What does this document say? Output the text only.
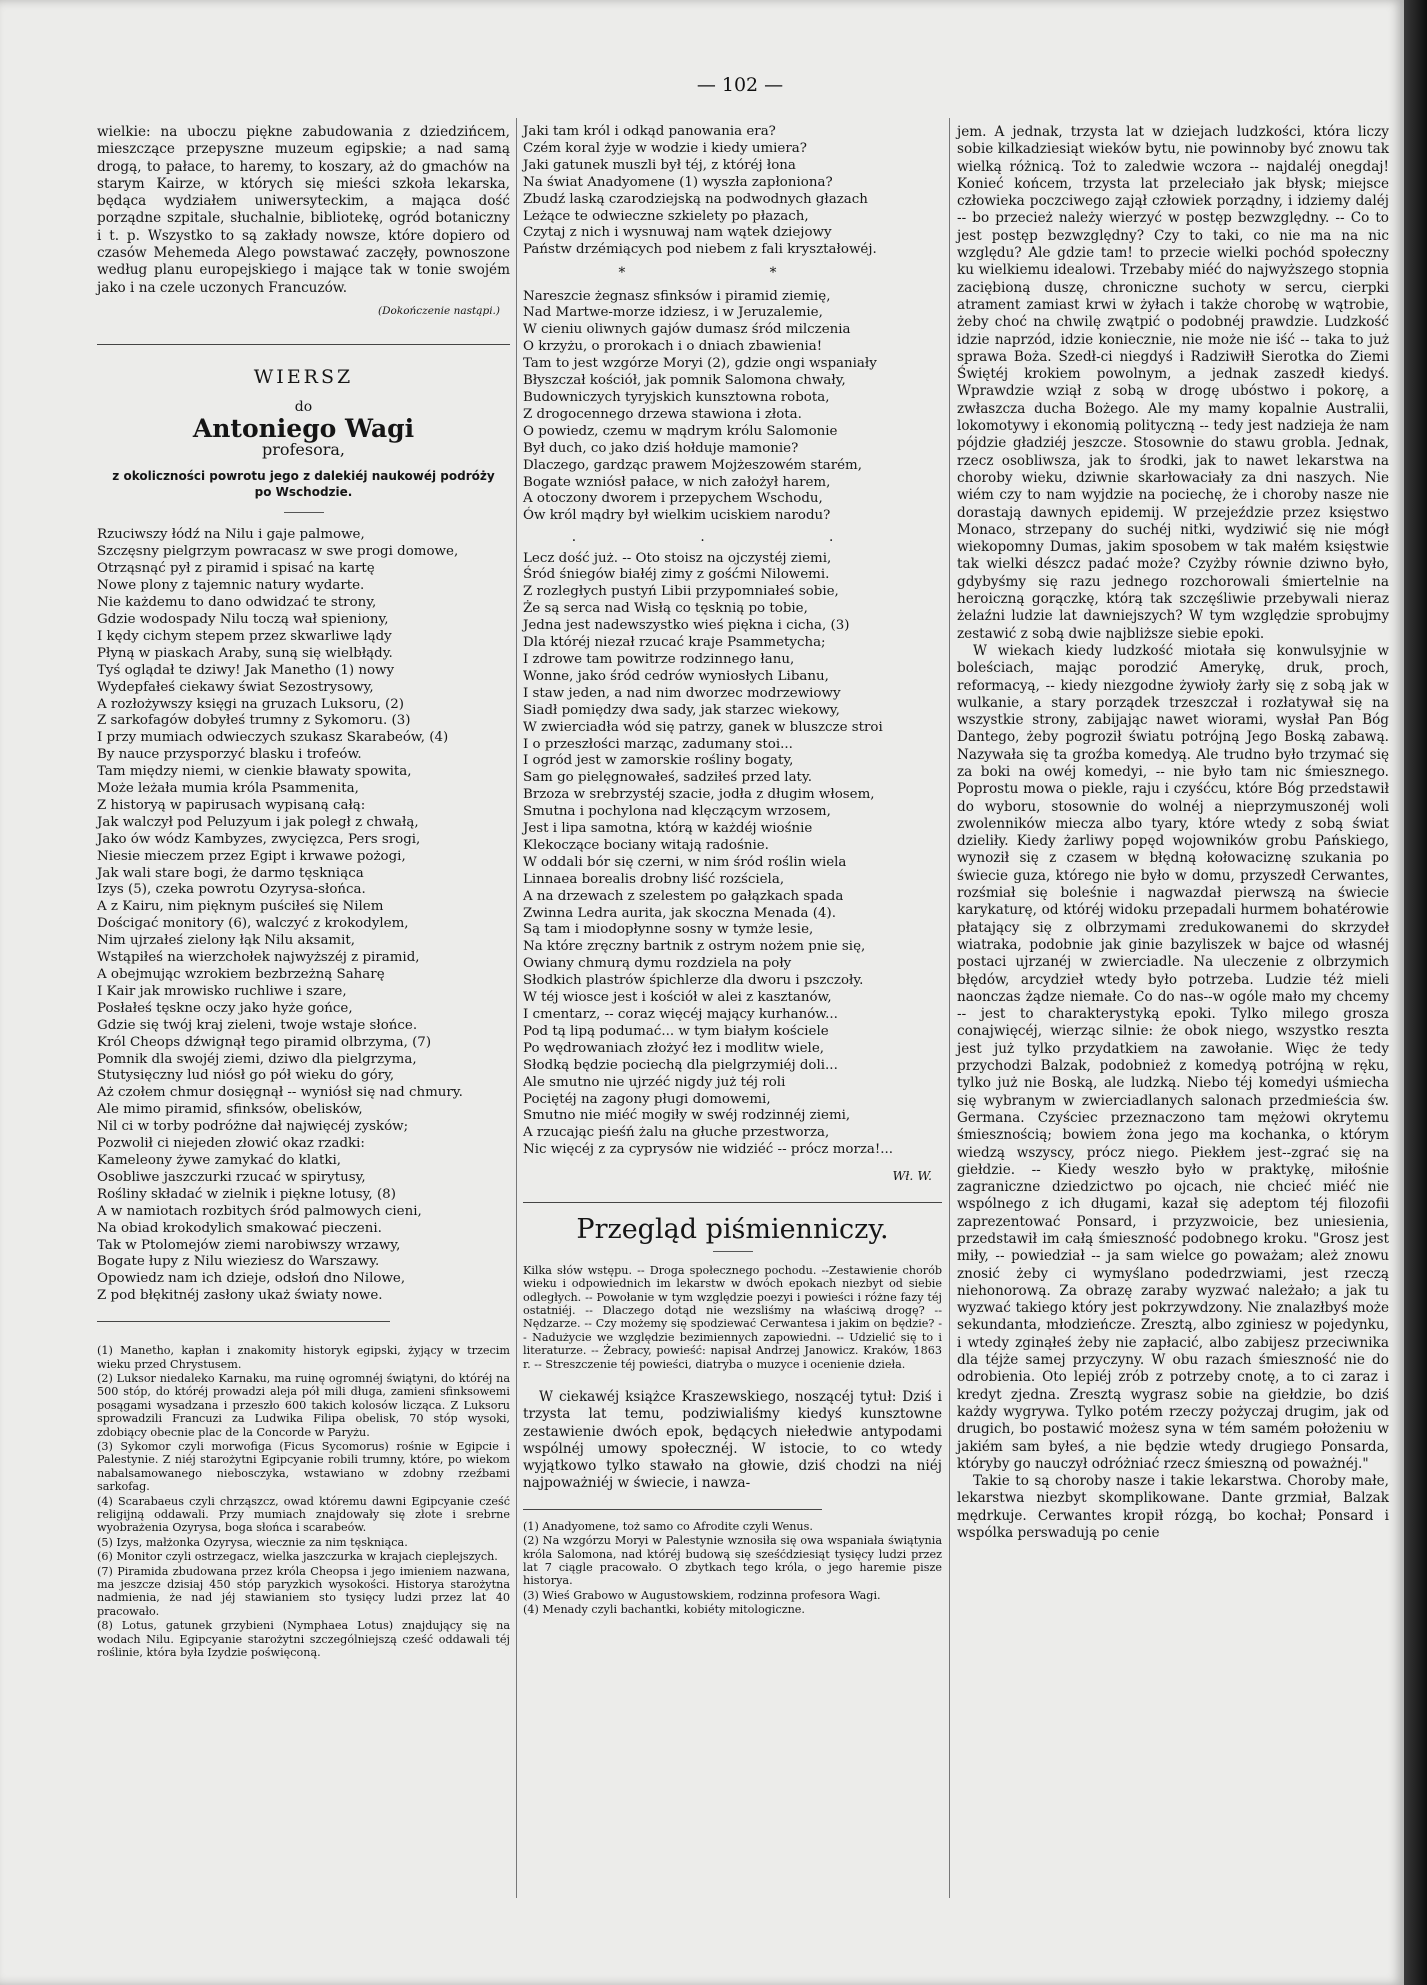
— 102 —

wielkie: na uboczu piękne zabudowania z dziedzińcem, mieszczące przepyszne muzeum egipskie; a nad samą drogą, to pałace, to haremy, to koszary, aż do gmachów na starym Kairze, w których się mieści szkoła lekarska, będąca wydziałem uniwersyteckim, a mająca dość porządne szpitale, słuchalnie, bibliotekę, ogród botaniczny i t. p. Wszystko to są zakłady nowsze, które dopiero od czasów Mehemeda Alego powstawać zaczęły, pownoszone według planu europejskiego i mające tak w tonie swojém jako i na czele uczonych Francuzów.

(Dokończenie nastąpi.)

WIERSZ
do
Antoniego Wagi
profesora,
z okoliczności powrotu jego z dalekiéj naukowéj podróży po Wschodzie.

Rzuciwszy łódź na Nilu i gaje palmowe,

Szczęsny pielgrzym powracasz w swe progi domowe,

Otrząsnąć pył z piramid i spisać na kartę

Nowe plony z tajemnic natury wydarte.

Nie każdemu to dano odwidzać te strony,

Gdzie wodospady Nilu toczą wał spieniony,

I kędy cichym stepem przez skwarliwe lądy

Płyną w piaskach Araby, suną się wielbłądy.

Tyś oglądał te dziwy! Jak Manetho (1) nowy

Wydepfałeś ciekawy świat Sezostrysowy,

A rozłożywszy księgi na gruzach Luksoru, (2)

Z sarkofagów dobyłeś trumny z Sykomoru. (3)

I przy mumiach odwieczych szukasz Skarabeów, (4)

By nauce przysporzyć blasku i trofeów.

Tam między niemi, w cienkie bławaty spowita,

Może leżała mumia króla Psammenita,

Z historyą w papirusach wypisaną całą:

Jak walczył pod Peluzyum i jak poległ z chwałą,

Jako ów wódz Kambyzes, zwycięzca, Pers srogi,

Niesie mieczem przez Egipt i krwawe pożogi,

Jak wali stare bogi, że darmo tęskniąca

Izys (5), czeka powrotu Ozyrysa-słońca.

A z Kairu, nim pięknym puściłeś się Nilem

Dościgać monitory (6), walczyć z krokodylem,

Nim ujrzałeś zielony łąk Nilu aksamit,

Wstąpiłeś na wierzchołek najwyższéj z piramid,

A obejmując wzrokiem bezbrzeżną Saharę

I Kair jak mrowisko ruchliwe i szare,

Posłałeś tęskne oczy jako hyże gońce,

Gdzie się twój kraj zieleni, twoje wstaje słońce.

Król Cheops dźwignął tego piramid olbrzyma, (7)

Pomnik dla swojéj ziemi, dziwo dla pielgrzyma,

Stutysięczny lud niósł go pół wieku do góry,

Aż czołem chmur dosięgnął -- wyniósł się nad chmury.

Ale mimo piramid, sfinksów, obelisków,

Nil ci w torby podróżne dał najwięcéj zysków;

Pozwolił ci niejeden złowić okaz rzadki:

Kameleony żywe zamykać do klatki,

Osobliwe jaszczurki rzucać w spirytusy,

Rośliny składać w zielnik i piękne lotusy, (8)

A w namiotach rozbitych śród palmowych cieni,

Na obiad krokodylich smakować pieczeni.

Tak w Ptolomejów ziemi narobiwszy wrzawy,

Bogate łupy z Nilu wieziesz do Warszawy.

Opowiedz nam ich dzieje, odsłoń dno Nilowe,

Z pod błękitnéj zasłony ukaż światy nowe.

(1) Manetho, kapłan i znakomity historyk egipski, żyjący w trzecim wieku przed Chrystusem.

(2) Luksor niedaleko Karnaku, ma ruinę ogromnéj świątyni, do któréj na 500 stóp, do któréj prowadzi aleja pół mili długa, zamieni sfinksowemi posągami wysadzana i przeszło 600 takich kolosów licząca. Z Luksoru sprowadzili Francuzi za Ludwika Filipa obelisk, 70 stóp wysoki, zdobiący obecnie plac de la Concorde w Paryżu.

(3) Sykomor czyli morwofiga (Ficus Sycomorus) rośnie w Egipcie i Palestynie. Z niéj starożytni Egipcyanie robili trumny, które, po wiekom nabalsamowanego niebosczyka, wstawiano w zdobny rzeźbami sarkofag.

(4) Scarabaeus czyli chrząszcz, owad któremu dawni Egipcyanie cześć religijną oddawali. Przy mumiach znajdowały się złote i srebrne wyobrażenia Ozyrysa, boga słońca i scarabeów.

(5) Izys, małżonka Ozyrysa, wiecznie za nim tęskniąca.

(6) Monitor czyli ostrzegacz, wielka jaszczurka w krajach cieplejszych.

(7) Piramida zbudowana przez króla Cheopsa i jego imieniem nazwana, ma jeszcze dzisiaj 450 stóp paryzkich wysokości. Historya starożytna nadmienia, że nad jéj stawianiem sto tysięcy ludzi przez lat 40 pracowało.

(8) Lotus, gatunek grzybieni (Nymphaea Lotus) znajdujący się na wodach Nilu. Egipcyanie starożytni szczególniejszą cześć oddawali téj roślinie, która była Izydzie poświęconą.

Jaki tam król i odkąd panowania era?

Czém koral żyje w wodzie i kiedy umiera?

Jaki gatunek muszli był téj, z któréj łona

Na świat Anadyomene (1) wyszła zapłoniona?

Zbudź laską czarodziejską na podwodnych głazach

Leżące te odwieczne szkielety po płazach,

Czytaj z nich i wysnuwaj nam wątek dziejowy

Państw drzémiących pod niebem z fali kryształowéj.

* *

Nareszcie żegnasz sfinksów i piramid ziemię,

Nad Martwe-morze idziesz, i w Jeruzalemie,

W cieniu oliwnych gajów dumasz śród milczenia

O krzyżu, o prorokach i o dniach zbawienia!

Tam to jest wzgórze Moryi (2), gdzie ongi wspaniały

Błyszczał kościół, jak pomnik Salomona chwały,

Budowniczych tyryjskich kunsztowna robota,

Z drogocennego drzewa stawiona i złota.

O powiedz, czemu w mądrym królu Salomonie

Był duch, co jako dziś hołduje mamonie?

Dlaczego, gardząc prawem Mojżeszowém starém,

Bogate wzniósł pałace, w nich założył harem,

A otoczony dworem i przepychem Wschodu,

Ów król mądry był wielkim uciskiem narodu?

. . .

Lecz dość już. -- Oto stoisz na ojczystéj ziemi,

Śród śniegów białéj zimy z gośćmi Nilowemi.

Z rozległych pustyń Libii przypomniałeś sobie,

Że są serca nad Wisłą co tęsknią po tobie,

Jedna jest nadewszystko wieś piękna i cicha, (3)

Dla któréj niezał rzucać kraje Psammetycha;

I zdrowe tam powitrze rodzinnego łanu,

Wonne, jako śród cedrów wyniosłych Libanu,

I staw jeden, a nad nim dworzec modrzewiowy

Siadł pomiędzy dwa sady, jak starzec wiekowy,

W zwierciadła wód się patrzy, ganek w bluszcze stroi

I o przeszłości marząc, zadumany stoi...

I ogród jest w zamorskie rośliny bogaty,

Sam go pielęgnowałeś, sadziłeś przed laty.

Brzoza w srebrzystéj szacie, jodła z długim włosem,

Smutna i pochylona nad klęczącym wrzosem,

Jest i lipa samotna, którą w każdéj wiośnie

Klekoczące bociany witają radośnie.

W oddali bór się czerni, w nim śród roślin wiela

Linnaea borealis drobny liść rozściela,

A na drzewach z szelestem po gałązkach spada

Zwinna Ledra aurita, jak skoczna Menada (4).

Są tam i miodopłynne sosny w tymże lesie,

Na które zręczny bartnik z ostrym nożem pnie się,

Owiany chmurą dymu rozdziela na poły

Słodkich plastrów śpichlerze dla dworu i pszczoły.

W téj wiosce jest i kościół w alei z kasztanów,

I cmentarz, -- coraz więcéj mający kurhanów...

Pod tą lipą podumać... w tym białym kościele

Po wędrowaniach złożyć łez i modlitw wiele,

Słodką będzie pociechą dla pielgrzymiéj doli...

Ale smutno nie ujrzéć nigdy już téj roli

Pociętéj na zagony pługi domowemi,

Smutno nie miéć mogiły w swéj rodzinnéj ziemi,

A rzucając pieśń żalu na głuche przestworza,

Nic więcéj z za cyprysów nie widziéć -- prócz morza!...

Wł. W.
Przegląd piśmienniczy.

Kilka słów wstępu. -- Droga społecznego pochodu. --Zestawienie chorób wieku i odpowiednich im lekarstw w dwóch epokach niezbyt od siebie odległych. -- Powołanie w tym względzie poezyi i powieści i różne fazy téj ostatniéj. -- Dlaczego dotąd nie wezsliśmy na właściwą drogę? -- Nędzarze. -- Czy możemy się spodziewać Cerwantesa i jakim on będzie? -- Nadużycie we względzie bezimiennych zapowiedni. -- Udzielić się to i literaturze. -- Żebracy, powieść: napisał Andrzej Janowicz. Kraków, 1863 r. -- Streszczenie téj powieści, diatryba o muzyce i ocenienie dzieła.

W ciekawéj książce Kraszewskiego, noszącéj tytuł: Dziś i trzysta lat temu, podziwialiśmy kiedyś kunsztowne zestawienie dwóch epok, będących niełedwie antypodami wspólnéj umowy społecznéj. W istocie, to co wtedy wyjątkowo tylko stawało na głowie, dziś chodzi na niéj najpoważniéj w świecie, i nawza-

(1) Anadyomene, toż samo co Afrodite czyli Wenus.

(2) Na wzgórzu Moryi w Palestynie wznosiła się owa wspaniała świątynia króla Salomona, nad któréj budową się sześćdziesiąt tysięcy ludzi przez lat 7 ciągle pracowało. O zbytkach tego króla, o jego haremie pisze historya.

(3) Wieś Grabowo w Augustowskiem, rodzinna profesora Wagi.

(4) Menady czyli bachantki, kobiéty mitologiczne.

jem. A jednak, trzysta lat w dziejach ludzkości, która liczy sobie kilkadziesiąt wieków bytu, nie powinnoby być znowu tak wielką różnicą. Toż to zaledwie wczora -- najdaléj onegdaj! Konieć końcem, trzysta lat przeleciało jak błysk; miejsce człowieka poczciwego zajął człowiek porządny, i idziemy daléj -- bo przecież należy wierzyć w postęp bezwzględny. -- Co to jest postęp bezwzględny? Czy to taki, co nie ma na nic względu? Ale gdzie tam! to przecie wielki pochód społeczny ku wielkiemu idealowi. Trzebaby miéć do najwyższego stopnia zaciębioną duszę, chroniczne suchoty w sercu, cierpki atrament zamiast krwi w żyłach i także chorobę w wątrobie, żeby choć na chwilę zwątpić o podobnéj prawdzie. Ludzkość idzie naprzód, idzie koniecznie, nie może nie iść -- taka to już sprawa Boża. Szedł-ci niegdyś i Radziwiłł Sierotka do Ziemi Świętéj krokiem powolnym, a jednak zaszedł kiedyś. Wprawdzie wziął z sobą w drogę ubóstwo i pokorę, a zwłaszcza ducha Bożego. Ale my mamy kopalnie Australii, lokomotywy i ekonomią polityczną -- tedy jest nadzieja że nam pójdzie gładziéj jeszcze. Stosownie do stawu grobla. Jednak, rzecz osobliwsza, jak to środki, jak to nawet lekarstwa na choroby wieku, dziwnie skarłowaciały za dni naszych. Nie wiém czy to nam wyjdzie na pociechę, że i choroby nasze nie dorastają dawnych epidemij. W przejeździe przez księstwo Monaco, strzepany do suchéj nitki, wydziwić się nie mógł wiekopomny Dumas, jakim sposobem w tak małém księstwie tak wielki dészcz padać może? Czyżby równie dziwno było, gdybyśmy się razu jednego rozchorowali śmiertelnie na heroiczną gorączkę, którą tak szczęśliwie przebywali nieraz żelaźni ludzie lat dawniejszych? W tym względzie sprobujmy zestawić z sobą dwie najbliższe siebie epoki.

W wiekach kiedy ludzkość miotała się konwulsyjnie w boleściach, mając porodzić Amerykę, druk, proch, reformacyą, -- kiedy niezgodne żywioły żarły się z sobą jak w wulkanie, a stary porządek trzeszczał i rozłatywał się na wszystkie strony, zabijając nawet wiorami, wysłał Pan Bóg Dantego, żeby pogroził światu potrójną Jego Boską zabawą. Nazywała się ta groźba komedyą. Ale trudno było trzymać się za boki na owéj komedyi, -- nie było tam nic śmiesznego. Poprostu mowa o piekle, raju i czyśćcu, które Bóg przedstawił do wyboru, stosownie do wolnéj a nieprzymuszonéj woli zwolenników miecza albo tyary, które wtedy z sobą świat dzieliły. Kiedy żarliwy popęd wojowników grobu Pańskiego, wynoził się z czasem w błędną kołowaciznę szukania po świecie guza, którego nie było w domu, przyszedł Cerwantes, rozśmiał się boleśnie i nagwazdał pierwszą na świecie karykaturę, od któréj widoku przepadali hurmem bohatérowie płatający się z olbrzymami zredukowanemi do skrzydeł wiatraka, podobnie jak ginie bazyliszek w bajce od własnéj postaci ujrzanéj w zwierciadle. Na uleczenie z olbrzymich błędów, arcydzieł wtedy było potrzeba. Ludzie téż mieli naonczas żądze niemałe. Co do nas--w ogóle mało my chcemy -- jest to charakterystyką epoki. Tylko milego grosza conajwięcéj, wierząc silnie: że obok niego, wszystko reszta jest już tylko przydatkiem na zawołanie. Więc że tedy przychodzi Balzak, podobnież z komedyą potrójną w ręku, tylko już nie Boską, ale ludzką. Niebo téj komedyi uśmiecha się wybranym w zwierciadlanych salonach przedmieścia św. Germana. Czyściec przeznaczono tam mężowi okrytemu śmiesznością; bowiem żona jego ma kochanka, o którym wiedzą wszyscy, prócz niego. Piekłem jest--zgrać się na giełdzie. -- Kiedy weszło było w praktykę, miłośnie zagraniczne dziedzictwo po ojcach, nie chcieć miéć nie wspólnego z ich długami, kazał się adeptom téj filozofii zaprezentować Ponsard, i przyzwoicie, bez uniesienia, przedstawił im całą śmieszność podobnego kroku. "Grosz jest miły, -- powiedział -- ja sam wielce go poważam; ależ znowu znosić żeby ci wymyślano podedrzwiami, jest rzeczą niehonorową. Za obrazę zaraby wyzwać należało; a jak tu wyzwać takiego który jest pokrzywdzony. Nie znalazłbyś może sekundanta, młodzieńcze. Zresztą, albo zginiesz w pojedynku, i wtedy zginąłeś żeby nie zapłacić, albo zabijesz przeciwnika dla téjże samej przyczyny. W obu razach śmieszność nie do odrobienia. Oto lepiéj zrób z potrzeby cnotę, a to ci zaraz i kredyt zjedna. Zresztą wygrasz sobie na giełdzie, bo dziś każdy wygrywa. Tylko potém rzeczy pożyczaj drugim, jak od drugich, bo postawić możesz syna w tém samém położeniu w jakiém sam byłeś, a nie będzie wtedy drugiego Ponsarda, któryby go nauczył odróżniać rzecz śmieszną od poważnéj."

Takie to są choroby nasze i takie lekarstwa. Choroby małe, lekarstwa niezbyt skomplikowane. Dante grzmiał, Balzak mędrkuje. Cerwantes kropił rózgą, bo kochał; Ponsard i wspólka perswadują po cenie
